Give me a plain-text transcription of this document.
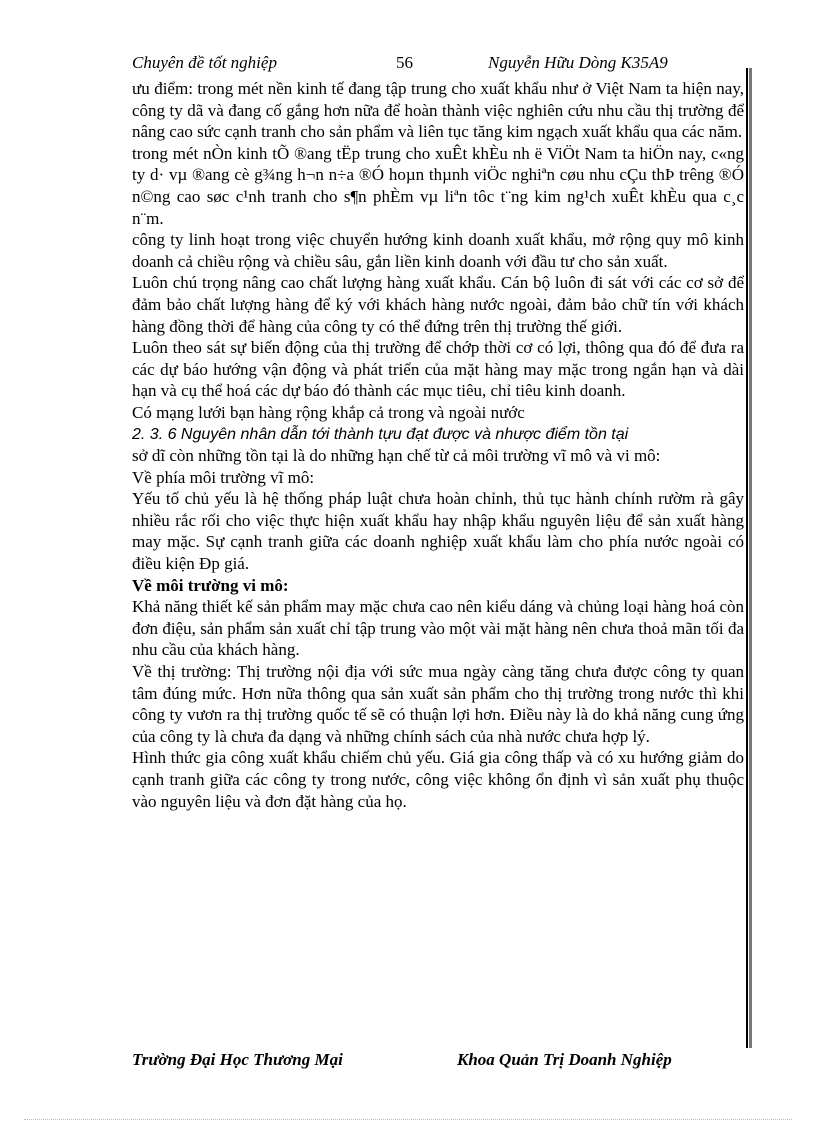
Chuyên đề tốt nghiệp	56	Nguyễn Hữu Dòng K35A9

ưu điểm: trong mét nền kinh tế đang tập trung cho xuất khẩu như ở Việt Nam ta hiện nay, công ty dã và đang cố gắng hơn nữa để hoàn thành việc nghiên cứu nhu cầu thị trường để nâng cao sức cạnh tranh cho sản phẩm và liên tục tăng kim ngạch xuất khẩu qua các năm.

trong mét nÒn kinh tÕ ®ang tËp trung cho xuÊt khÈu nh ë ViÖt Nam ta hiÖn nay, c«ng ty d· vµ ®ang cè g¾ng h¬n n÷a ®Ó hoµn thµnh viÖc nghiªn cøu nhu cÇu thÞ trêng ®Ó n©ng cao søc c¹nh tranh cho s¶n phÈm vµ liªn tôc t¨ng kim ng¹ch xuÊt khÈu qua c¸c n¨m.

công ty linh hoạt trong việc chuyển hướng kinh doanh xuất khẩu, mở rộng quy mô kinh doanh cả chiều rộng và chiều sâu, gắn liền kinh doanh với đầu tư cho sản xuất.

Luôn chú trọng nâng cao chất lượng hàng xuất khẩu. Cán bộ luôn đi sát với các cơ sở để đảm bảo chất lượng hàng để ký với khách hàng nước ngoài, đảm bảo chữ tín với khách hàng đồng thời để hàng của công ty có thể đứng trên thị trường thế giới.

Luôn theo sát sự biến động của thị trường để chớp thời cơ có lợi, thông qua đó để đưa ra các dự báo hướng vận động và phát triển của mặt hàng may mặc trong ngắn hạn và dài hạn và cụ thể hoá các dự báo đó thành các mục tiêu, chỉ tiêu kinh doanh.

Có mạng lưới bạn hàng rộng khắp cả trong và ngoài nước

2. 3. 6 Nguyên nhân dẫn tới thành tựu đạt được và nhược điểm tồn tại

sở dĩ còn những tồn tại là do những hạn chế từ cả môi trường vĩ mô và vi mô:

Về phía môi trường vĩ mô:

Yếu tố chủ yếu là hệ thống pháp luật chưa hoàn chỉnh, thủ tục hành chính rườm rà gây nhiều rắc rối cho việc thực hiện xuất khẩu hay nhập khẩu nguyên liệu để sản xuất hàng may mặc. Sự cạnh tranh giữa các doanh nghiệp xuất khẩu làm cho phía nước ngoài có điều kiện Ðp giá.

Về môi trường vi mô:

Khả năng thiết kế sản phẩm may mặc chưa cao nên kiểu dáng và chủng loại hàng hoá còn đơn điệu, sản phẩm sản xuất chỉ tập trung vào một vài mặt hàng nên chưa thoả mãn tối đa nhu cầu của khách hàng.

Về thị trường: Thị trường nội địa với sức mua ngày càng tăng chưa được công ty quan tâm đúng mức. Hơn nữa thông qua sản xuất sản phẩm cho thị trường trong nước thì khi công ty vươn ra thị trường quốc tế sẽ có thuận lợi hơn. Điều này là do khả năng cung ứng của công ty là chưa đa dạng và những chính sách của nhà nước chưa hợp lý.

Hình thức gia công xuất khẩu chiếm chủ yếu. Giá gia công thấp và có xu hướng giảm do cạnh tranh giữa các công ty trong nước, công việc không ổn định vì sản xuất phụ thuộc vào nguyên liệu và đơn đặt hàng của họ.

Trường Đại Học Thương Mại	Khoa Quản Trị Doanh Nghiệp
